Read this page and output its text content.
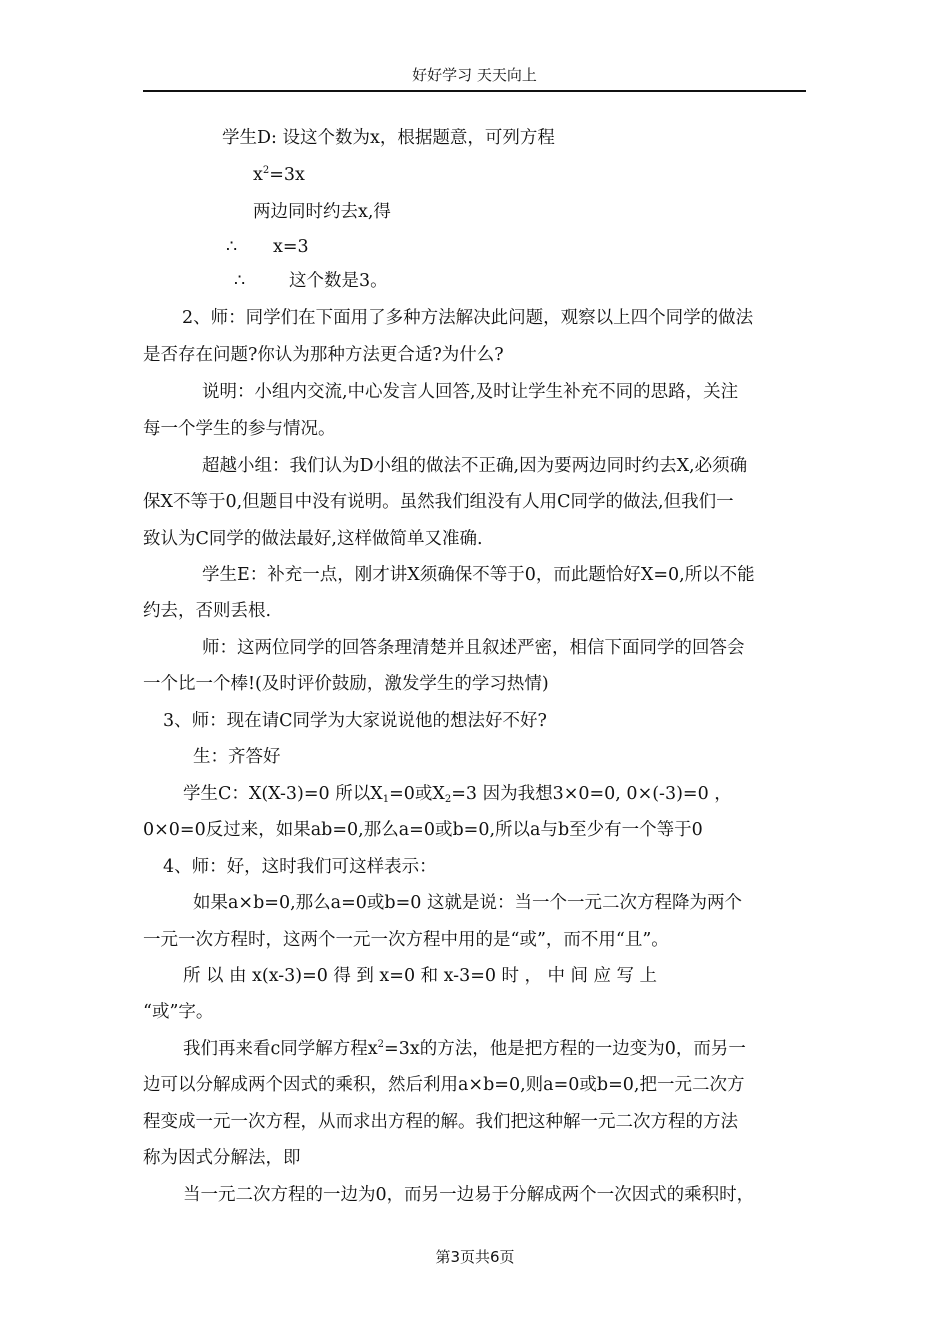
好好学习 天天向上
学生D: 设这个数为x，根据题意，可列方程
$x^2=3x$
两边同时约去x,得
∴ x=3
∴	这个数是3。
2、师：同学们在下面用了多种方法解决此问题，观察以上四个同学的做法
是否存在问题?你认为那种方法更合适?为什么?
说明：小组内交流,中心发言人回答,及时让学生补充不同的思路，关注
每一个学生的参与情况。
超越小组：我们认为D小组的做法不正确,因为要两边同时约去X,必须确
保X不等于0,但题目中没有说明。虽然我们组没有人用C同学的做法,但我们一
致认为C同学的做法最好,这样做简单又准确.
学生E：补充一点，刚才讲X须确保不等于0，而此题恰好X=0,所以不能
约去，否则丢根.
师：这两位同学的回答条理清楚并且叙述严密，相信下面同学的回答会
一个比一个棒!(及时评价鼓励，激发学生的学习热情)
3、师：现在请C同学为大家说说他的想法好不好?
生：齐答好
学生C：X(X-3)=0 所以$X_1=0$或$X_2=3$ 因为我想3×0=0, 0×(-3)=0 ，
0×0=0反过来，如果ab=0,那么a=0或b=0,所以a与b至少有一个等于0
4、师：好，这时我们可这样表示：
如果a×b=0,那么a=0或b=0 这就是说：当一个一元二次方程降为两个
一元一次方程时，这两个一元一次方程中用的是“或”，而不用“且”。
所以由x(x-3)=0得到x=0和x-3=0时，中间应写上
“或”字。
我们再来看c同学解方程$x^2=3x$的方法，他是把方程的一边变为0，而另一
边可以分解成两个因式的乘积，然后利用a×b=0,则a=0或b=0,把一元二次方
程变成一元一次方程，从而求出方程的解。我们把这种解一元二次方程的方法
称为因式分解法，即
当一元二次方程的一边为0，而另一边易于分解成两个一次因式的乘积时，
第3页共6页
